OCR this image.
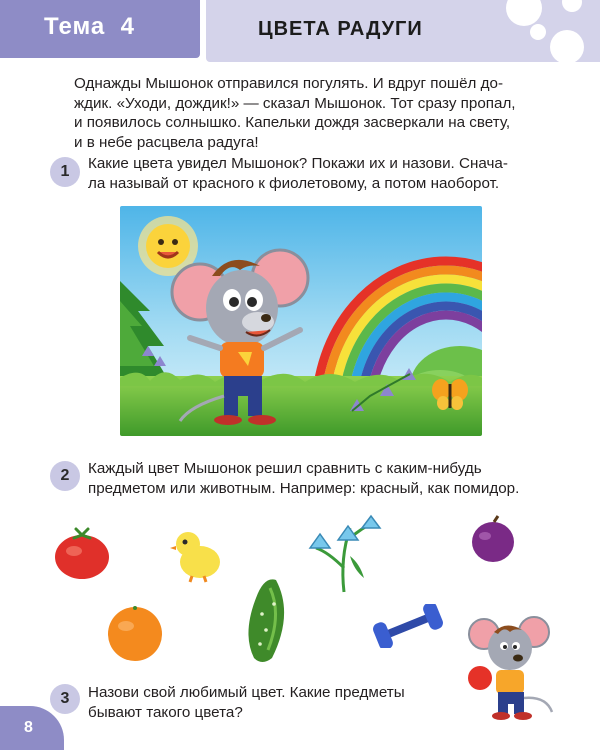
Тема  4	ЦВЕТА РАДУГИ
Однажды Мышонок отправился погулять. И вдруг пошёл до-
ждик. «Уходи, дождик!» — сказал Мышонок. Тот сразу пропал,
и появилось солнышко. Капельки дождя засверкали на свету,
и в небе расцвела радуга!
1	Какие цвета увидел Мышонок? Покажи их и назови. Снача-
ла называй от красного к фиолетовому, а потом наоборот.
2	Каждый цвет Мышонок решил сравнить с каким-нибудь
предметом или животным. Например: красный, как помидор.
3	Назови свой любимый цвет. Какие предметы
бывают такого цвета?
8
